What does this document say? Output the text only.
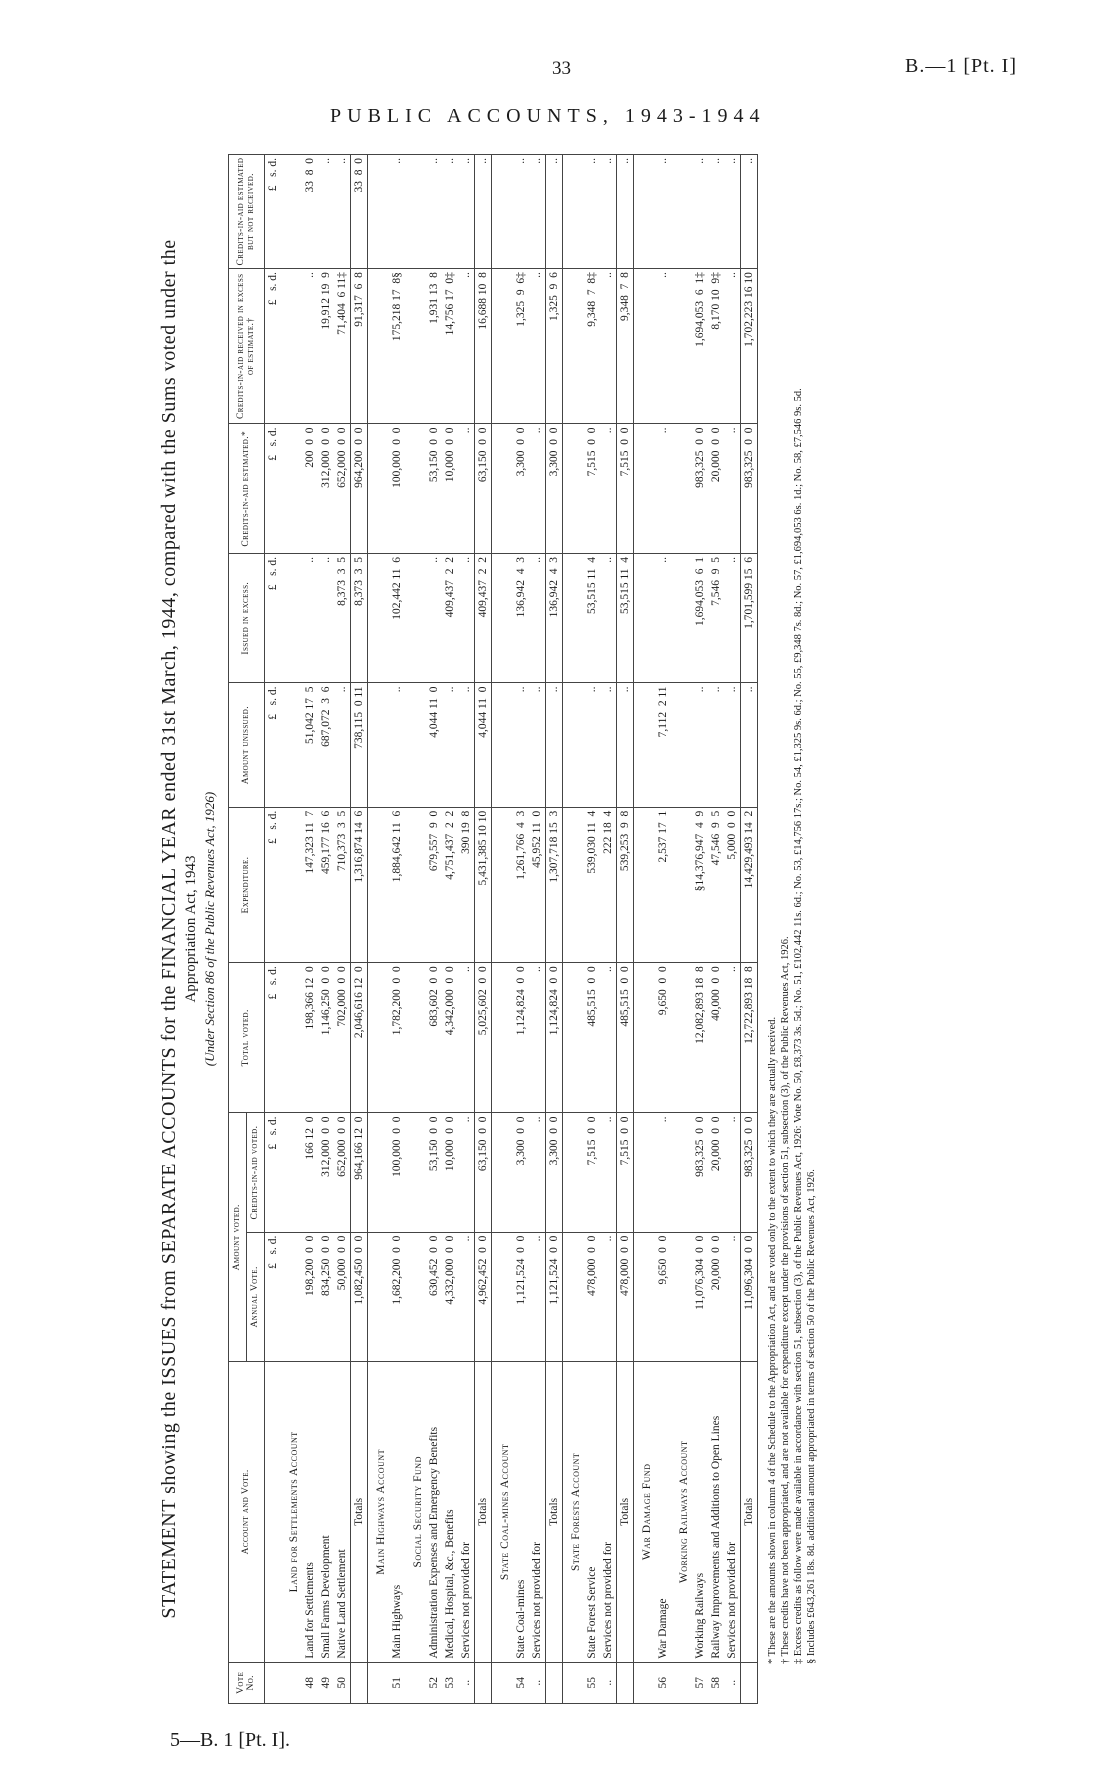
33	B.—1 [Pt. I]
PUBLIC ACCOUNTS, 1943-1944
5—B. 1 [Pt. I].
STATEMENT showing the ISSUES from SEPARATE ACCOUNTS for the FINANCIAL YEAR ended 31st March, 1944, compared with the Sums voted under the Appropriation Act, 1943 (Under Section 86 of the Public Revenues Act, 1926)
Vote No.	Account and Vote.	Amount voted.		Total voted.	Expenditure.	Amount unissued.	Issued in excess.	Credits-in-aid estimated.*	Credits-in-aid received in excess of estimate.†	Credits-in-aid estimated but not received.
		Annual Vote.	Credits-in-aid voted.							
		£   s. d.	£   s. d.	£   s. d.	£   s. d.	£   s. d.	£   s. d.	£   s. d.	£   s. d.	£   s. d.
	Land for Settlements Account									
48	Land for Settlements	198,200  0  0	166 12  0	198,366 12  0	147,323 11  7	51,042 17  5	..	200  0  0	..	33  8  0
49	Small Farms Development	834,250  0  0	312,000  0  0	1,146,250  0  0	459,177 16  6	687,072  3  6	..	312,000  0  0	19,912 19  9	..
50	Native Land Settlement	50,000  0  0	652,000  0  0	702,000  0  0	710,373  3  5	..	8,373  3  5	652,000  0  0	71,404  6 11‡	..
	Totals	1,082,450  0  0	964,166 12  0	2,046,616 12  0	1,316,874 14  6	738,115  0 11	8,373  3  5	964,200  0  0	91,317  6  8	33  8  0
	Main Highways Account									
51	Main Highways	1,682,200  0  0	100,000  0  0	1,782,200  0  0	1,884,642 11  6	..	102,442 11  6	100,000  0  0	175,218 17  8§	..
	Social Security Fund									
52	Administration Expenses and Emergency Benefits	630,452  0  0	53,150  0  0	683,602  0  0	679,557  9  0	4,044 11  0	..	53,150  0  0	1,931 13  8	..
53	Medical, Hospital, &c., Benefits	4,332,000  0  0	10,000  0  0	4,342,000  0  0	4,751,437  2  2	..	409,437  2  2	10,000  0  0	14,756 17  0‡	..
..	Services not provided for	..	..	..	390 19  8	..	..	..	..	..
	Totals	4,962,452  0  0	63,150  0  0	5,025,602  0  0	5,431,385 10 10	4,044 11  0	409,437  2  2	63,150  0  0	16,688 10  8	..
	State Coal-mines Account									
54	State Coal-mines	1,121,524  0  0	3,300  0  0	1,124,824  0  0	1,261,766  4  3	..	136,942  4  3	3,300  0  0	1,325  9  6‡	..
..	Services not provided for	..	..	..	45,952 11  0	..	..	..	..	..
	Totals	1,121,524  0  0	3,300  0  0	1,124,824  0  0	1,307,718 15  3	..	136,942  4  3	3,300  0  0	1,325  9  6	..
	State Forests Account									
55	State Forest Service	478,000  0  0	7,515  0  0	485,515  0  0	539,030 11  4	..	53,515 11  4	7,515  0  0	9,348  7  8‡	..
..	Services not provided for	..	..	..	222 18  4	..	..	..	..	..
	Totals	478,000  0  0	7,515  0  0	485,515  0  0	539,253  9  8	..	53,515 11  4	7,515  0  0	9,348  7  8	..
	War Damage Fund									
56	War Damage	9,650  0  0	..	9,650  0  0	2,537 17  1	7,112  2 11	..	..	..	..
	Working Railways Account									
57	Working Railways	11,076,304  0  0	983,325  0  0	12,082,893 18  8	§14,376,947  4  9	..	1,694,053  6  1	983,325  0  0	1,694,053  6  1‡	..
58	Railway Improvements and Additions to Open Lines	20,000  0  0	20,000  0  0	40,000  0  0	47,546  9  5	..	7,546  9  5	20,000  0  0	8,170 10  9‡	..
..	Services not provided for	..	..	..	5,000  0  0	..	..	..	..	..
	Totals	11,096,304  0  0	983,325  0  0	12,722,893 18  8	14,429,493 14  2	..	1,701,599 15  6	983,325  0  0	1,702,223 16 10	..

* These are the amounts shown in column 4 of the Schedule to the Appropriation Act, and are voted only to the extent to which they are actually received. † These credits have not been appropriated, and are not available for expenditure except under the provisions of section 51, subsection (3), of the Public Revenues Act, 1926. ‡ Excess credits as follow were made available in accordance with section 51, subsection (3), of the Public Revenues Act, 1926: Vote No. 50, £8,373 3s. 5d.; No. 51, £102,442 11s. 6d.; No. 53, £14,756 17s.; No. 54, £1,325 9s. 6d.; No. 55, £9,348 7s. 8d.; No. 57, £1,694,053 6s. 1d.; No. 58, £7,546 9s. 5d. § Includes £643,261 18s. 8d. additional amount appropriated in terms of section 50 of the Public Revenues Act, 1926.
